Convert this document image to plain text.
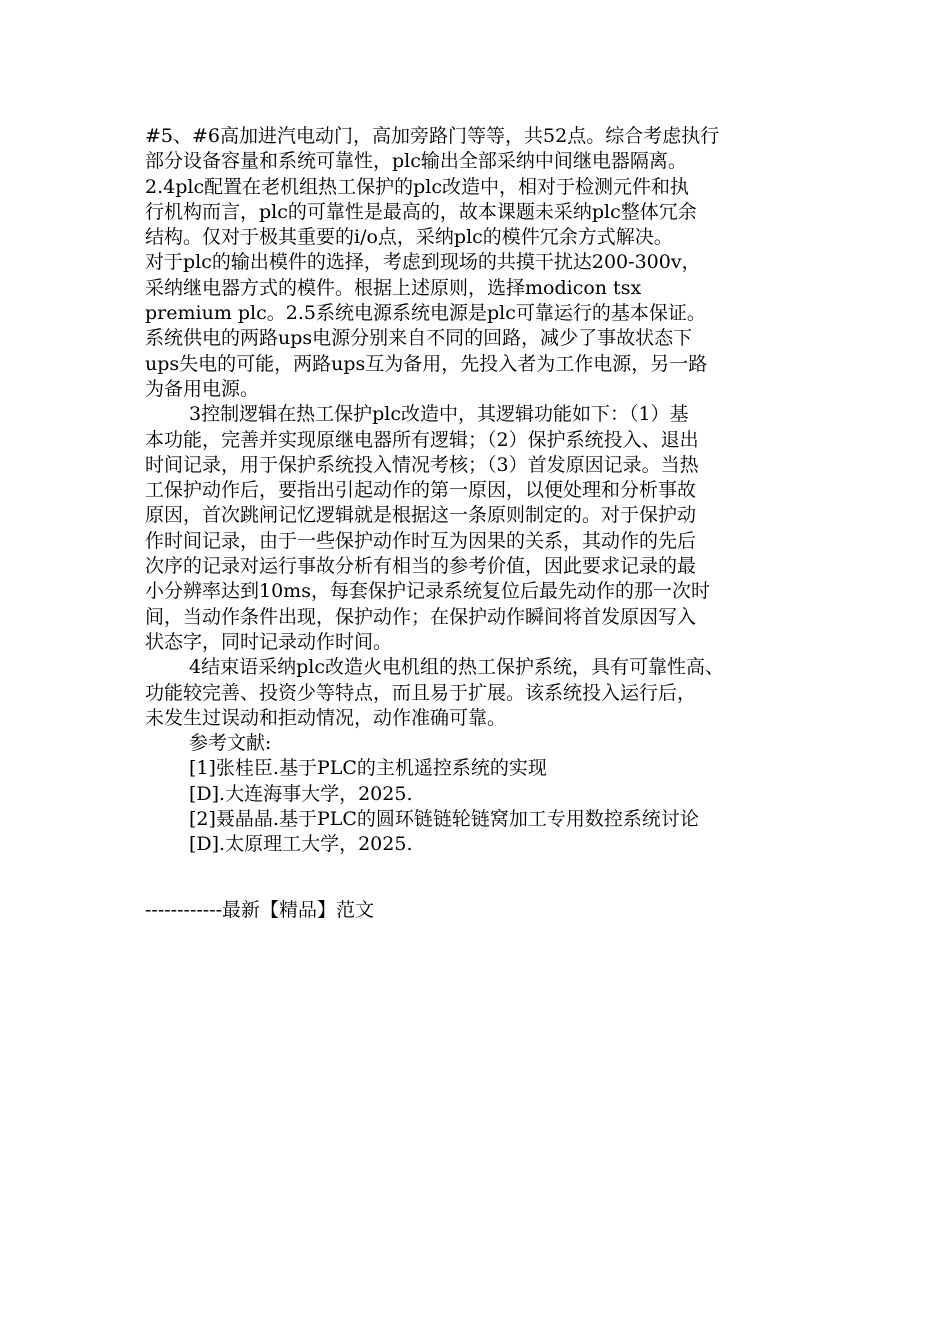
#5、#6高加进汽电动门，高加旁路门等等，共52点。综合考虑执行
部分设备容量和系统可靠性，plc输出全部采纳中间继电器隔离。
2.4plc配置在老机组热工保护的plc改造中，相对于检测元件和执
行机构而言，plc的可靠性是最高的，故本课题未采纳plc整体冗余
结构。仅对于极其重要的i/o点，采纳plc的模件冗余方式解决。
对于plc的输出模件的选择，考虑到现场的共摸干扰达200-300v，
采纳继电器方式的模件。根据上述原则，选择modicon tsx
premium plc。2.5系统电源系统电源是plc可靠运行的基本保证。
系统供电的两路ups电源分别来自不同的回路，减少了事故状态下
ups失电的可能，两路ups互为备用，先投入者为工作电源，另一路
为备用电源。
3控制逻辑在热工保护plc改造中，其逻辑功能如下：（1）基
本功能，完善并实现原继电器所有逻辑；（2）保护系统投入、退出
时间记录，用于保护系统投入情况考核；（3）首发原因记录。当热
工保护动作后，要指出引起动作的第一原因，以便处理和分析事故
原因，首次跳闸记忆逻辑就是根据这一条原则制定的。对于保护动
作时间记录，由于一些保护动作时互为因果的关系，其动作的先后
次序的记录对运行事故分析有相当的参考价值，因此要求记录的最
小分辨率达到10ms，每套保护记录系统复位后最先动作的那一次时
间，当动作条件出现，保护动作；在保护动作瞬间将首发原因写入
状态字，同时记录动作时间。
4结束语采纳plc改造火电机组的热工保护系统，具有可靠性高、
功能较完善、投资少等特点，而且易于扩展。该系统投入运行后，
未发生过误动和拒动情况，动作准确可靠。
参考文献:
[1]张桂臣.基于PLC的主机遥控系统的实现
[D].大连海事大学，2025.
[2]聂晶晶.基于PLC的圆环链链轮链窝加工专用数控系统讨论
[D].太原理工大学，2025.
------------最新【精品】范文
